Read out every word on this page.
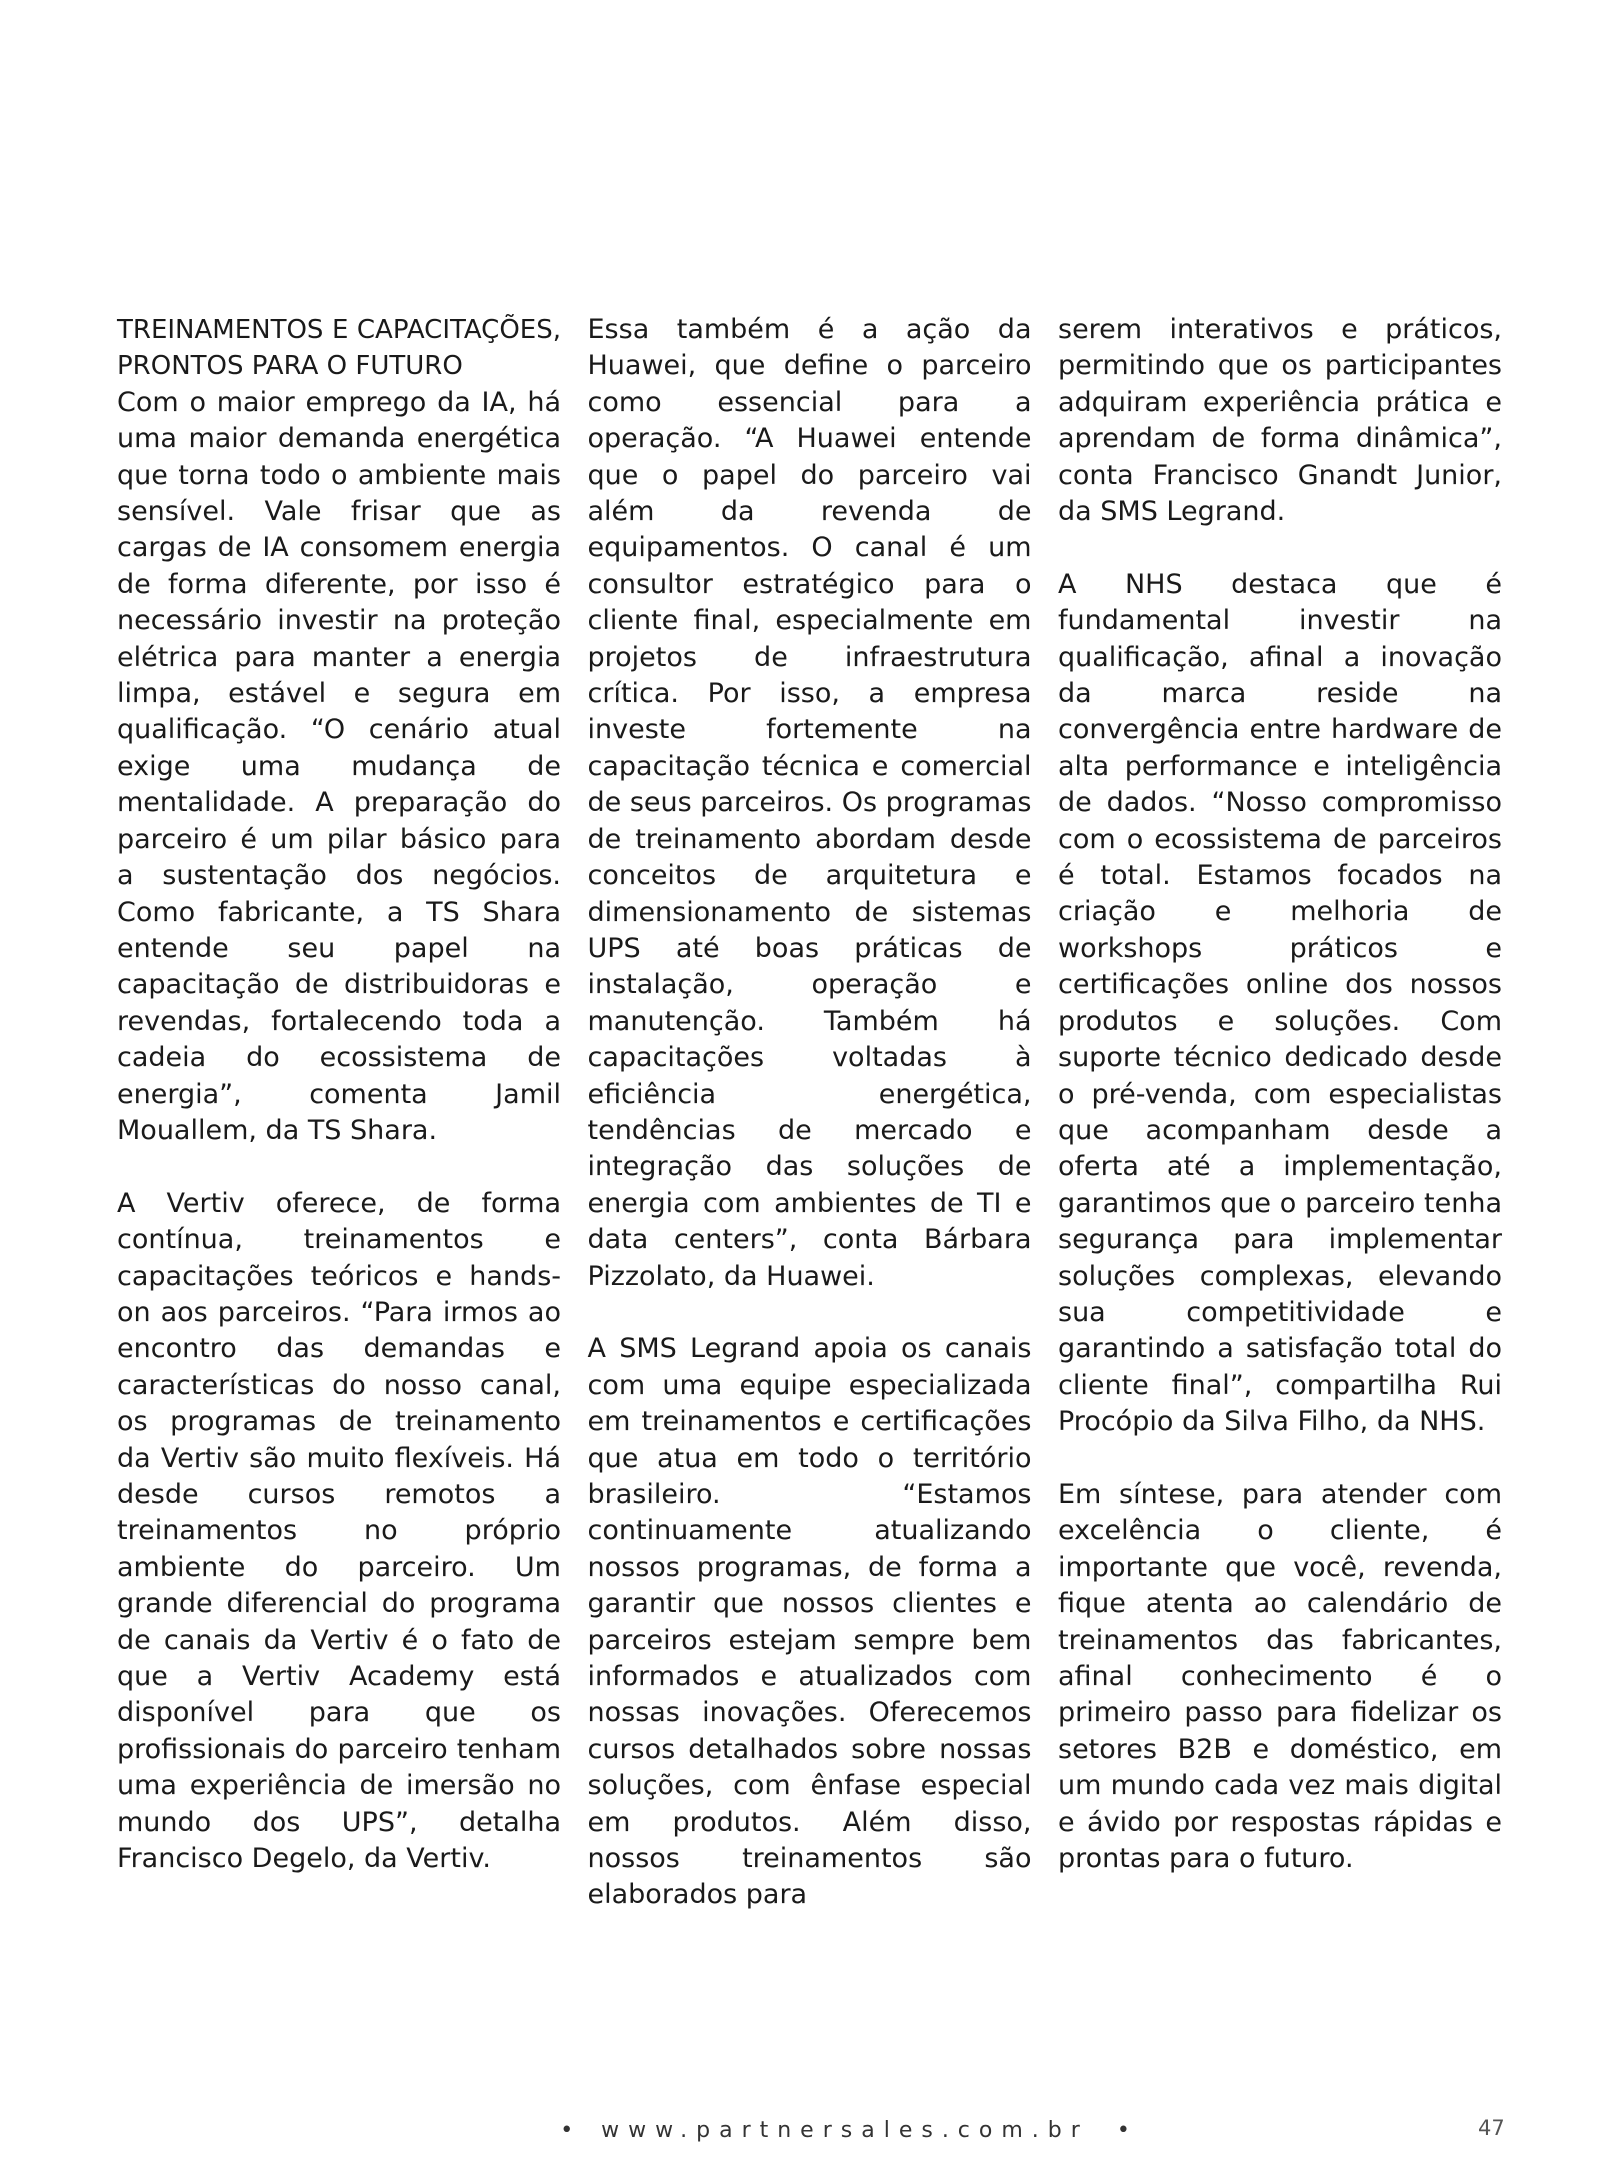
TREINAMENTOS E CAPACITAÇÕES, PRONTOS PARA O FUTURO
Com o maior emprego da IA, há uma maior demanda energética que torna todo o ambiente mais sensível. Vale frisar que as cargas de IA consomem energia de forma diferente, por isso é necessário investir na proteção elétrica para manter a energia limpa, estável e segura em qualificação. “O cenário atual exige uma mudança de mentalidade. A preparação do parceiro é um pilar básico para a sustentação dos negócios. Como fabricante, a TS Shara entende seu papel na capacitação de distribuidoras e revendas, fortalecendo toda a cadeia do ecossistema de energia”, comenta Jamil Mouallem, da TS Shara.

A Vertiv oferece, de forma contínua, treinamentos e capacitações teóricos e hands-on aos parceiros. “Para irmos ao encontro das demandas e características do nosso canal, os programas de treinamento da Vertiv são muito flexíveis. Há desde cursos remotos a treinamentos no próprio ambiente do parceiro. Um grande diferencial do programa de canais da Vertiv é o fato de que a Vertiv Academy está disponível para que os profissionais do parceiro tenham uma experiência de imersão no mundo dos UPS”, detalha Francisco Degelo, da Vertiv.

Essa também é a ação da Huawei, que define o parceiro como essencial para a operação. “A Huawei entende que o papel do parceiro vai além da revenda de equipamentos. O canal é um consultor estratégico para o cliente final, especialmente em projetos de infraestrutura crítica. Por isso, a empresa investe fortemente na capacitação técnica e comercial de seus parceiros. Os programas de treinamento abordam desde conceitos de arquitetura e dimensionamento de sistemas UPS até boas práticas de instalação, operação e manutenção. Também há capacitações voltadas à eficiência energética, tendências de mercado e integração das soluções de energia com ambientes de TI e data centers”, conta Bárbara Pizzolato, da Huawei.

A SMS Legrand apoia os canais com uma equipe especializada em treinamentos e certificações que atua em todo o território brasileiro. “Estamos continuamente atualizando nossos programas, de forma a garantir que nossos clientes e parceiros estejam sempre bem informados e atualizados com nossas inovações. Oferecemos cursos detalhados sobre nossas soluções, com ênfase especial em produtos. Além disso, nossos treinamentos são elaborados para

serem interativos e práticos, permitindo que os participantes adquiram experiência prática e aprendam de forma dinâmica”, conta Francisco Gnandt Junior, da SMS Legrand.

A NHS destaca que é fundamental investir na qualificação, afinal a inovação da marca reside na convergência entre hardware de alta performance e inteligência de dados. “Nosso compromisso com o ecossistema de parceiros é total. Estamos focados na criação e melhoria de workshops práticos e certificações online dos nossos produtos e soluções. Com suporte técnico dedicado desde o pré-venda, com especialistas que acompanham desde a oferta até a implementação, garantimos que o parceiro tenha segurança para implementar soluções complexas, elevando sua competitividade e garantindo a satisfação total do cliente final”, compartilha Rui Procópio da Silva Filho, da NHS.

Em síntese, para atender com excelência o cliente, é importante que você, revenda, fique atenta ao calendário de treinamentos das fabricantes, afinal conhecimento é o primeiro passo para fidelizar os setores B2B e doméstico, em um mundo cada vez mais digital e ávido por respostas rápidas e prontas para o futuro.

• www.partnersales.com.br •	47
